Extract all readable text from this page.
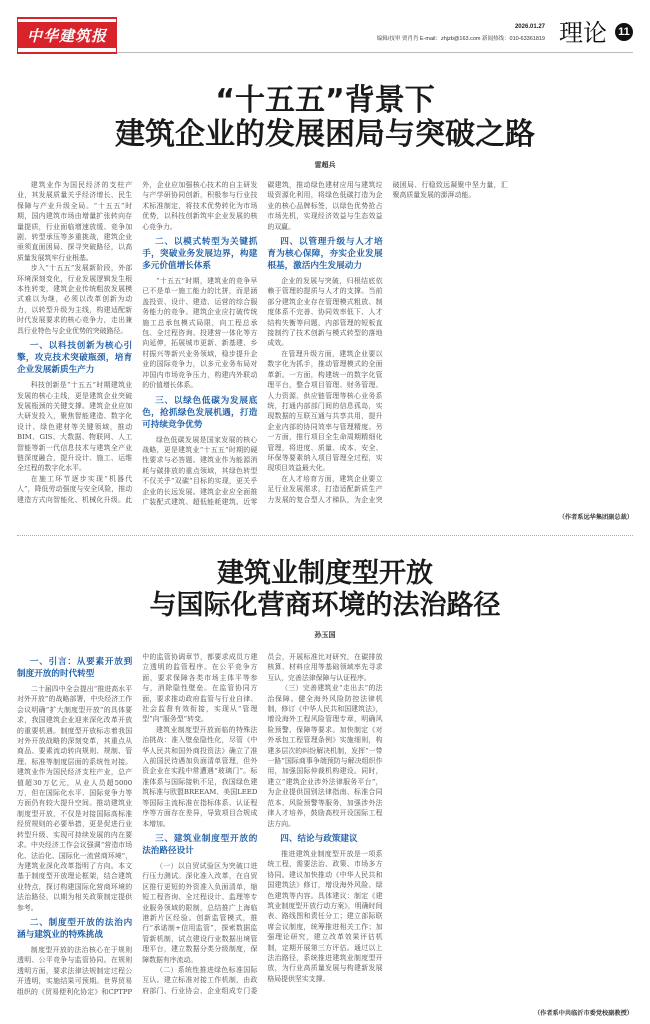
中华建筑报	2026.01.27
编辑/技审 贾肖肖 E-mail：zhjzb@163.com 新闻热线：010-63361819 理论 11
“十五五”背景下
建筑企业的发展困局与突破之路
雷超兵

建筑业作为国民经济的支柱产业，其发展质量关乎经济增长、民生保障与产业升级全局。“十五五”时期，国内建筑市场由增量扩张转向存量提质，行业面临增速放缓、竞争加剧、转型承压等多重挑战，建筑企业亟须直面困局、探寻突破路径，以高质量发展筑牢行业根基。

步入“十五五”发展新阶段，外部环境深刻变化，行业发展逻辑发生根本性转变，建筑企业传统粗放发展模式难以为继，必须以改革创新为动力，以转型升级为主线，构建适配新时代发展要求的核心竞争力，走出兼具行业特色与企业优势的突破路径。

一、以科技创新为核心引擎，攻克技术突破瓶颈，培育企业发展新质生产力

科技创新是“十五五”时期建筑业发展的核心主线，更是建筑企业突破发展瓶颈的关键支撑。建筑企业应加大研发投入，聚焦智能建造、数字化设计、绿色建材等关键领域，推动BIM、GIS、大数据、物联网、人工智能等新一代信息技术与建筑全产业链深度融合，提升设计、施工、运维全过程的数字化水平。

在施工环节逐步实现“机器代人”，降低劳动强度与安全风险，推动建造方式向智能化、机械化升级。此外，企业应加强核心技术的自主研发与产学研协同创新，积极参与行业技术标准制定，将技术优势转化为市场优势，以科技创新筑牢企业发展的核心竞争力。

二、以模式转型为关键抓手，突破业务发展边界，构建多元价值增长体系

“十五五”时期，建筑业的竞争早已不是单一施工能力的比拼，而是涵盖投资、设计、建造、运营的综合服务能力的竞争。建筑企业应打破传统施工总承包模式局限，向工程总承包、全过程咨询、投建营一体化等方向延伸，拓展城市更新、新基建、乡村振兴等新兴业务领域，稳步提升企业的国际竞争力，以多元业务布局对冲国内市场竞争压力，构建内外联动的价值增长体系。

三、以绿色低碳为发展底色，抢抓绿色发展机遇，打造可持续竞争优势

绿色低碳发展是国家发展的核心战略，更是建筑业“十五五”时期的硬性要求与必答题。建筑业作为能源消耗与碳排放的重点领域，其绿色转型不仅关乎“双碳”目标的实现，更关乎企业的长远发展。建筑企业应全面推广装配式建筑、超低能耗建筑、近零碳建筑，推动绿色建材应用与建筑垃圾资源化利用，将绿色低碳打造为企业的核心品牌标签，以绿色优势抢占市场先机，实现经济效益与生态效益的双赢。

四、以管理升级与人才培育为核心保障，夯实企业发展根基，激活内生发展动力

企业的发展与突破，归根结底依赖于管理的提质与人才的支撑。当前部分建筑企业存在管理模式粗放、制度体系不完善、协同效率低下、人才结构失衡等问题，内部管理的短板直接制约了技术创新与模式转型的落地成效。

在管理升级方面，建筑企业要以数字化为抓手，推动管理模式的全面革新。一方面，构建统一的数字化管理平台，整合项目管理、财务管理、人力资源、供应链管理等核心业务系统，打通内部部门间的信息孤岛，实现数据的互联互通与共享共用，提升企业内部的协同效率与管理精度。另一方面，推行项目全生命周期精细化管理，将进度、质量、成本、安全、环保等要素纳入项目管理全过程，实现项目效益最大化。

在人才培育方面，建筑企业要立足行业发展需求，打造适配新质生产力发展的复合型人才梯队，为企业突破困局、行稳致远凝聚中坚力量，汇聚高质量发展的澎湃动能。

（作者系远华集团副总裁）
建筑业制度型开放
与国际化营商环境的法治路径
孙玉国
一、引言：从要素开放到制度开放的时代转型

二十届四中全会提出“推进高水平对外开放”的战略部署，中央经济工作会议明确“扩大制度型开放”的具体要求，我国建筑企业迎来深化改革开放的重要机遇。制度型开放标志着我国对外开放战略的深刻变革，其重点从商品、要素流动转向规则、规制、管理、标准等制度层面的系统性对接。建筑业作为国民经济支柱产业，总产值超30万亿元，从业人员超5000万，但在国际化水平、国际竞争力等方面仍有较大提升空间。推动建筑业制度型开放，不仅是对接国际高标准经贸规则的必要举措，更是促进行业转型升级、实现可持续发展的内在要求。中央经济工作会议强调“营造市场化、法治化、国际化一流营商环境”，为建筑业深化改革指明了方向。本文基于制度型开放理论框架，结合建筑业特点，探讨构建国际化营商环境的法治路径，以期为相关政策制定提供参考。

二、制度型开放的法治内涵与建筑业的特殊挑战

制度型开放的法治核心在于规则透明、公平竞争与监管协同。在规则透明方面，要求法律法规制定过程公开透明，实施结果可预期。世界贸易组织的《贸易便利化协定》和CPTPP中的监管协调章节，都要求成员方建立透明的监管程序。在公平竞争方面，要求保障各类市场主体平等参与，消除隐性壁垒。在监管协同方面，要求推动政府监管与行业自律、社会监督有效衔接，实现从“管理型”向“服务型”转变。

建筑业制度型开放面临的特殊法治挑战：准入壁垒隐性化，尽管《中华人民共和国外商投资法》确立了准入前国民待遇加负面清单管理，但外资企业在实践中常遭遇“玻璃门”。标准体系与国际接轨不足，我国绿色建筑标准与欧盟BREEAM、美国LEED等国际主流标准在指标体系、认证程序等方面存在差异，导致项目合规成本增加。

三、建筑业制度型开放的法治路径设计

（一）以自贸试验区为突破口进行压力测试。深化准入改革，在自贸区推行更短的外资准入负面清单，缩短工程咨询、全过程设计、监理等专业服务领域的限制，总结推广上海临港新片区经验。创新监管模式，推行“承诺制+信用监管”，探索数据监管新机制，试点建设行业数据出境管理平台，建立数据分类分级制度，保障数据有序流动。

（二）系统性推进绿色标准国际互认。建立标准对接工作机制，由政府部门、行业协会、企业组成专门委员会，开展标准比对研究，在碳排放核算、材料应用等基础领域率先寻求互认，完善法律保障与认证程序。

（三）完善建筑业“走出去”的法治保障。健全海外风险防控法律机制，修订《中华人民共和国建筑法》，增设海外工程风险管理专章，明确风险预警、保障等要求。加快制定《对外承包工程管理条例》实施细则，构建多层次的纠纷解决机制，发挥“一带一路”国际商事争端预防与解决组织作用，加强国际仲裁机构建设。同时，建立“建筑企业涉外法律服务平台”，为企业提供国别法律指南、标准合同范本、风险预警等服务，加强涉外法律人才培养，鼓励高校开设国际工程法方向。

四、结论与政策建议

推进建筑业制度型开放是一项系统工程，需要法治、政策、市场多方协同。建议加快推动《中华人民共和国建筑法》修订，增设海外风险、绿色建筑等内容。具体建议：制定《建筑业制度型开放行动方案》，明确时间表、路线图和责任分工；建立部际联席会议制度，统筹推进相关工作；加强理论研究，建立改革效果评估机制，定期开展第三方评估。通过以上法治路径，系统推进建筑业制度型开放，为行业高质量发展与构建新发展格局提供坚实支撑。

（作者系中共临沂市委党校副教授）
